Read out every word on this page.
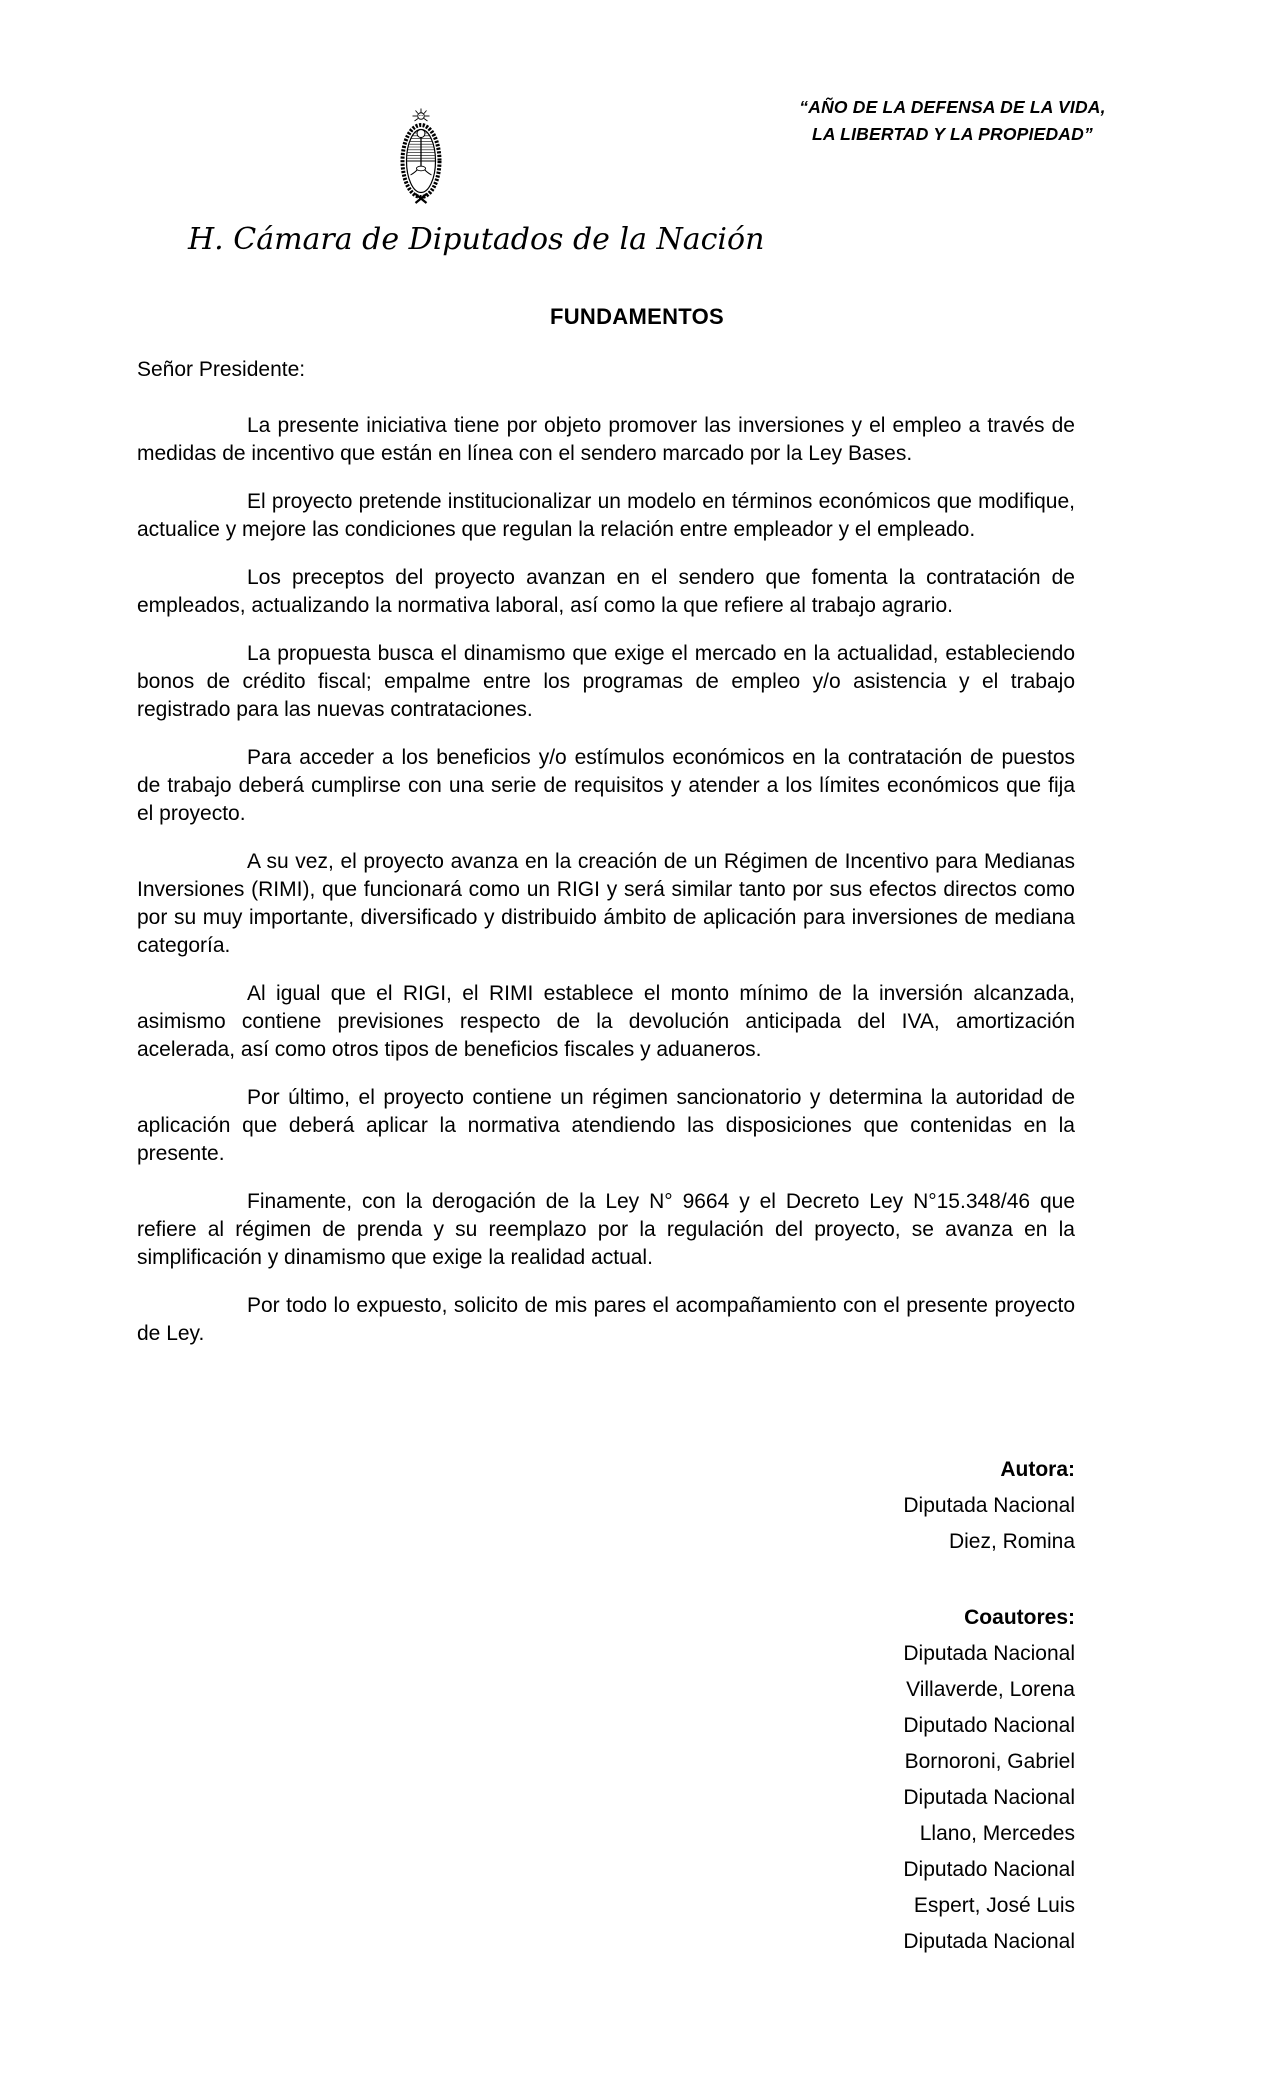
“AÑO DE LA DEFENSA DE LA VIDA,
LA LIBERTAD Y LA PROPIEDAD”
H. Cámara de Diputados de la Nación
FUNDAMENTOS
Señor Presidente:

La presente iniciativa tiene por objeto promover las inversiones y el empleo a través de medidas de incentivo que están en línea con el sendero marcado por la Ley Bases.

El proyecto pretende institucionalizar un modelo en términos económicos que modifique, actualice y mejore las condiciones que regulan la relación entre empleador y el empleado.

Los preceptos del proyecto avanzan en el sendero que fomenta la contratación de empleados, actualizando la normativa laboral, así como la que refiere al trabajo agrario.

La propuesta busca el dinamismo que exige el mercado en la actualidad, estableciendo bonos de crédito fiscal; empalme entre los programas de empleo y/o asistencia y el trabajo registrado para las nuevas contrataciones.

Para acceder a los beneficios y/o estímulos económicos en la contratación de puestos de trabajo deberá cumplirse con una serie de requisitos y atender a los límites económicos que fija el proyecto.

A su vez, el proyecto avanza en la creación de un Régimen de Incentivo para Medianas Inversiones (RIMI), que funcionará como un RIGI y será similar tanto por sus efectos directos como por su muy importante, diversificado y distribuido ámbito de aplicación para inversiones de mediana categoría.

Al igual que el RIGI, el RIMI establece el monto mínimo de la inversión alcanzada, asimismo contiene previsiones respecto de la devolución anticipada del IVA, amortización acelerada, así como otros tipos de beneficios fiscales y aduaneros.

Por último, el proyecto contiene un régimen sancionatorio y determina la autoridad de aplicación que deberá aplicar la normativa atendiendo las disposiciones que contenidas en la presente.

Finamente, con la derogación de la Ley N° 9664 y el Decreto Ley N°15.348/46 que refiere al régimen de prenda y su reemplazo por la regulación del proyecto, se avanza en la simplificación y dinamismo que exige la realidad actual.

Por todo lo expuesto, solicito de mis pares el acompañamiento con el presente proyecto de Ley.

Autora:
Diputada Nacional
Diez, Romina
Coautores:
Diputada Nacional
Villaverde, Lorena
Diputado Nacional
Bornoroni, Gabriel
Diputada Nacional
Llano, Mercedes
Diputado Nacional
Espert, José Luis
Diputada Nacional
